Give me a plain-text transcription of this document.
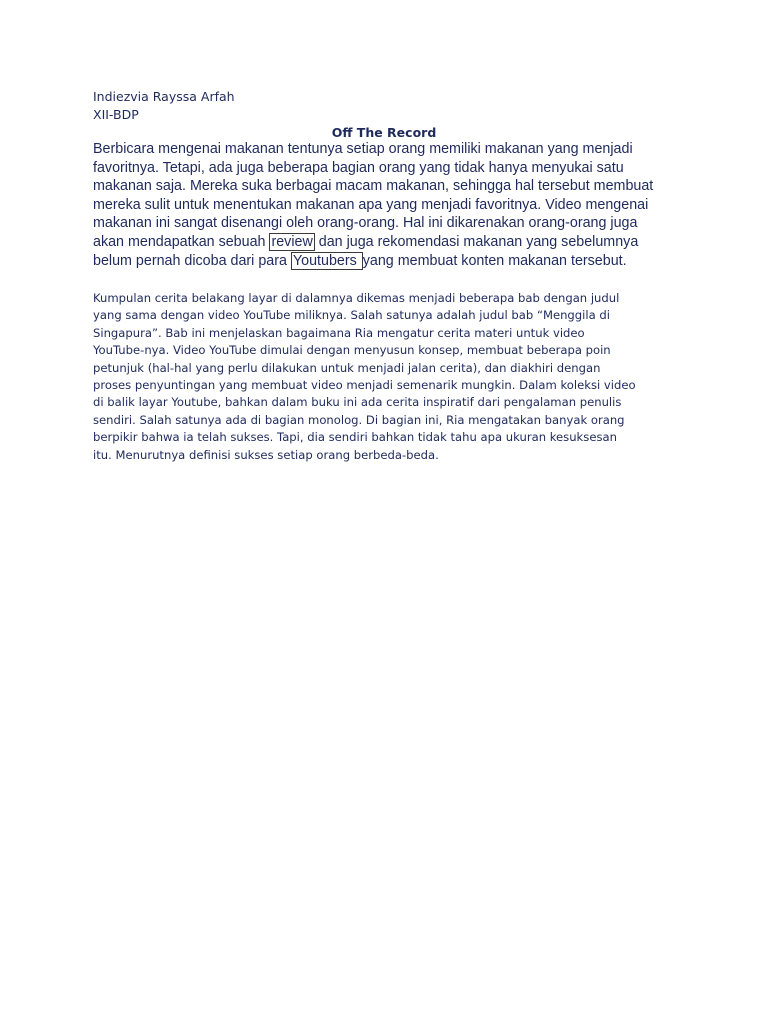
Indiezvia Rayssa Arfah
XII-BDP
Off The Record

Berbicara mengenai makanan tentunya setiap orang memiliki makanan yang menjadi
favoritnya. Tetapi, ada juga beberapa bagian orang yang tidak hanya menyukai satu
makanan saja. Mereka suka berbagai macam makanan, sehingga hal tersebut membuat
mereka sulit untuk menentukan makanan apa yang menjadi favoritnya. Video mengenai
makanan ini sangat disenangi oleh orang-orang. Hal ini dikarenakan orang-orang juga
akan mendapatkan sebuah review dan juga rekomendasi makanan yang sebelumnya
belum pernah dicoba dari para Youtubers yang membuat konten makanan tersebut.

Kumpulan cerita belakang layar di dalamnya dikemas menjadi beberapa bab dengan judul
yang sama dengan video YouTube miliknya. Salah satunya adalah judul bab “Menggila di
Singapura”. Bab ini menjelaskan bagaimana Ria mengatur cerita materi untuk video
YouTube-nya. Video YouTube dimulai dengan menyusun konsep, membuat beberapa poin
petunjuk (hal-hal yang perlu dilakukan untuk menjadi jalan cerita), dan diakhiri dengan
proses penyuntingan yang membuat video menjadi semenarik mungkin. Dalam koleksi video
di balik layar Youtube, bahkan dalam buku ini ada cerita inspiratif dari pengalaman penulis
sendiri. Salah satunya ada di bagian monolog. Di bagian ini, Ria mengatakan banyak orang
berpikir bahwa ia telah sukses. Tapi, dia sendiri bahkan tidak tahu apa ukuran kesuksesan
itu. Menurutnya definisi sukses setiap orang berbeda-beda.
